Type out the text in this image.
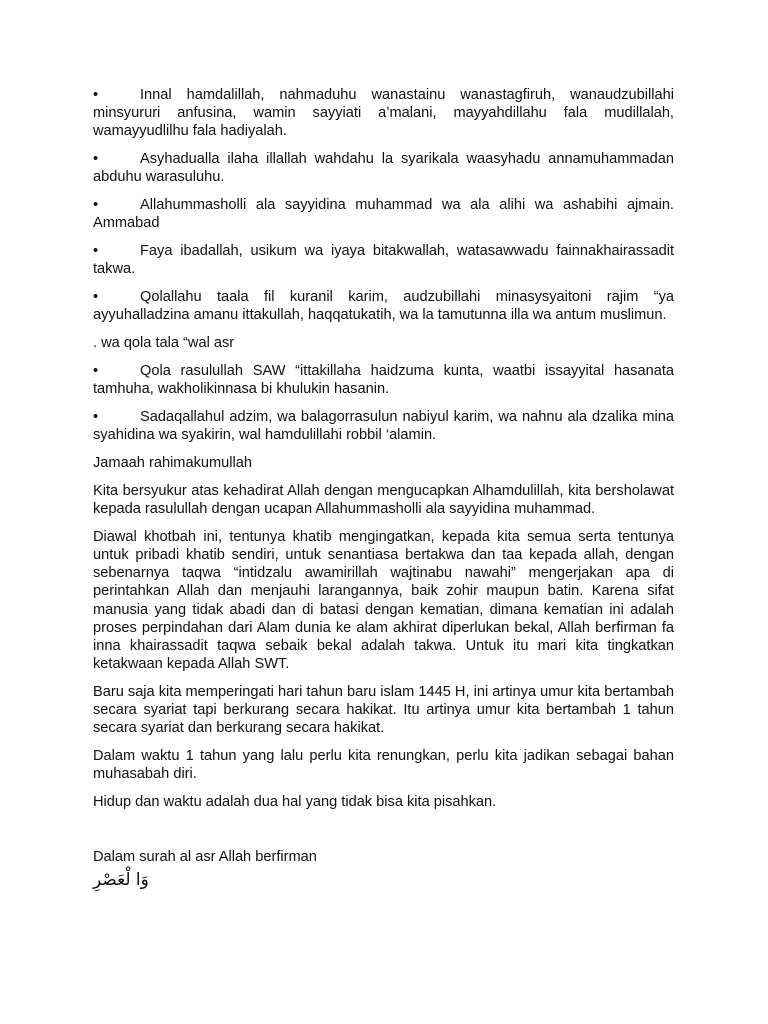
•	Innal hamdalillah, nahmaduhu wanastainu wanastagfiruh, wanaudzubillahi minsyururi anfusina, wamin sayyiati a’malani, mayyahdillahu fala mudillalah, wamayyudlilhu fala hadiyalah.

•	Asyhadualla ilaha illallah wahdahu la syarikala waasyhadu annamuhammadan abduhu warasuluhu.

•	Allahummasholli ala sayyidina muhammad wa ala alihi wa ashabihi ajmain. Ammabad

•	Faya ibadallah, usikum wa iyaya bitakwallah, watasawwadu fainnakhairassadit takwa.

•	Qolallahu taala fil kuranil karim, audzubillahi minasysyaitoni rajim “ya ayyuhalladzina amanu ittakullah, haqqatukatih, wa la tamutunna illa wa antum muslimun.

. wa qola tala “wal asr

•	Qola rasulullah SAW “ittakillaha haidzuma kunta, waatbi issayyital hasanata tamhuha, wakholikinnasa bi khulukin hasanin.

•	Sadaqallahul adzim, wa balagorrasulun nabiyul karim, wa nahnu ala dzalika mina syahidina wa syakirin, wal hamdulillahi robbil ‘alamin.

Jamaah rahimakumullah

Kita bersyukur atas kehadirat Allah dengan mengucapkan Alhamdulillah, kita bersholawat kepada rasulullah dengan ucapan Allahummasholli ala sayyidina muhammad.

Diawal khotbah ini, tentunya khatib mengingatkan, kepada kita semua serta tentunya untuk pribadi khatib sendiri, untuk senantiasa bertakwa dan taa kepada allah, dengan sebenarnya taqwa “intidzalu awamirillah wajtinabu nawahi” mengerjakan apa di perintahkan Allah dan menjauhi larangannya, baik zohir maupun batin. Karena sifat manusia yang tidak abadi dan di batasi dengan kematian, dimana kematian ini adalah proses perpindahan dari Alam dunia ke alam akhirat diperlukan bekal, Allah berfirman fa inna khairassadit taqwa sebaik bekal adalah takwa. Untuk itu mari kita tingkatkan ketakwaan kepada Allah SWT.

Baru saja kita memperingati hari tahun baru islam 1445 H, ini artinya umur kita bertambah secara syariat tapi berkurang secara hakikat. Itu artinya umur kita bertambah 1 tahun secara syariat dan berkurang secara hakikat.

Dalam waktu 1 tahun yang lalu perlu kita renungkan, perlu kita jadikan sebagai bahan muhasabah diri.

Hidup dan waktu adalah dua hal yang tidak bisa kita pisahkan.

Dalam surah al asr Allah berfirman

وَا لْعَصْرِ
